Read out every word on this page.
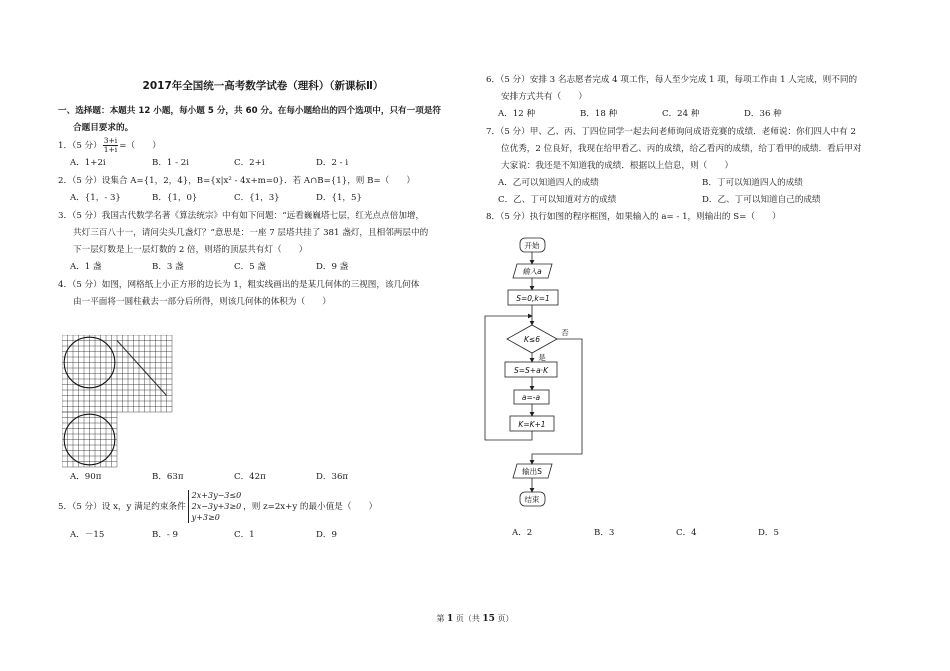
2017年全国统一高考数学试卷（理科）（新课标Ⅱ）
一、选择题：本题共 12 小题，每小题 5 分，共 60 分。在每小题给出的四个选项中，只有一项是符
合题目要求的。
1．（5 分） $\frac{3+i}{1+i}$ =（　　）
A．1+2i	B．1 - 2i	C．2+i	D．2 - i
2．（5 分）设集合 A={1，2，4}，B={x|x² - 4x+m=0}．若 A∩B={1}，则 B=（　　）
A．{1，- 3}	B．{1，0}	C．{1，3}	D．{1，5}
3．（5 分）我国古代数学名著《算法统宗》中有如下问题：“远看巍巍塔七层，红光点点倍加增，
共灯三百八十一，请问尖头几盏灯？”意思是：一座 7 层塔共挂了 381 盏灯，且相邻两层中的
下一层灯数是上一层灯数的 2 倍，则塔的顶层共有灯（　　）
A．1 盏	B．3 盏	C．5 盏	D．9 盏
4．（5 分）如图，网格纸上小正方形的边长为 1，粗实线画出的是某几何体的三视图，该几何体
由一平面将一圆柱截去一部分后所得，则该几何体的体积为（　　）
A．90π	B．63π	C．42π	D．36π
5．（5 分）设 x，y 满足约束条件
2x+3y−3≤0
2x−3y+3≥0
y+3≥0
，则 z=2x+y 的最小值是（　　）
A．－15	B．- 9	C．1	D．9
6．（5 分）安排 3 名志愿者完成 4 项工作，每人至少完成 1 项，每项工作由 1 人完成，则不同的
安排方式共有（　　）
A．12 种	B．18 种	C．24 种	D．36 种
7．（5 分）甲、乙、丙、丁四位同学一起去问老师询问成语竞赛的成绩．老师说：你们四人中有 2
位优秀，2 位良好，我现在给甲看乙、丙的成绩，给乙看丙的成绩，给丁看甲的成绩．看后甲对
大家说：我还是不知道我的成绩．根据以上信息，则（　　）
A．乙可以知道四人的成绩	B．丁可以知道四人的成绩
C．乙、丁可以知道对方的成绩	D．乙、丁可以知道自己的成绩
8．（5 分）执行如图的程序框图，如果输入的 a= - 1，则输出的 S=（　　）
开始
输入a
S=0,k=1
K≤6
否
是
S=S+a·K
a=-a
K=K+1
输出S
结束
A．2	B．3	C．4	D．5
第 1 页（共 15 页）
